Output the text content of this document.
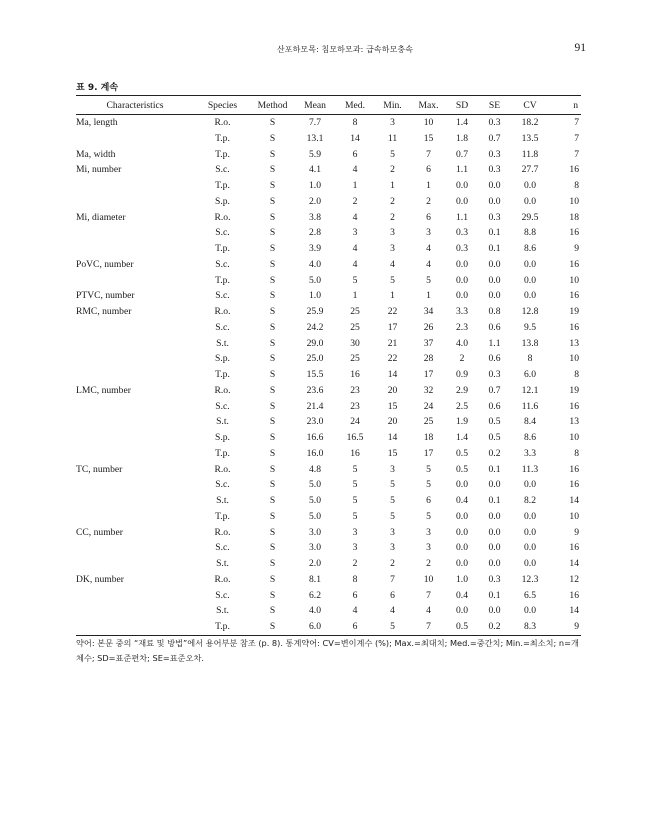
산포하모목: 침모하모과: 급속하모충속	91
표 9. 계속
Characteristics	Species	Method	Mean	Med.	Min.	Max.	SD	SE	CV	n
Ma, length	R.o.	S	7.7	8	3	10	1.4	0.3	18.2	7
	T.p.	S	13.1	14	11	15	1.8	0.7	13.5	7
Ma, width	T.p.	S	5.9	6	5	7	0.7	0.3	11.8	7
Mi, number	S.c.	S	4.1	4	2	6	1.1	0.3	27.7	16
	T.p.	S	1.0	1	1	1	0.0	0.0	0.0	8
	S.p.	S	2.0	2	2	2	0.0	0.0	0.0	10
Mi, diameter	R.o.	S	3.8	4	2	6	1.1	0.3	29.5	18
	S.c.	S	2.8	3	3	3	0.3	0.1	8.8	16
	T.p.	S	3.9	4	3	4	0.3	0.1	8.6	9
PoVC, number	S.c.	S	4.0	4	4	4	0.0	0.0	0.0	16
	T.p.	S	5.0	5	5	5	0.0	0.0	0.0	10
PTVC, number	S.c.	S	1.0	1	1	1	0.0	0.0	0.0	16
RMC, number	R.o.	S	25.9	25	22	34	3.3	0.8	12.8	19
	S.c.	S	24.2	25	17	26	2.3	0.6	9.5	16
	S.t.	S	29.0	30	21	37	4.0	1.1	13.8	13
	S.p.	S	25.0	25	22	28	2	0.6	8	10
	T.p.	S	15.5	16	14	17	0.9	0.3	6.0	8
LMC, number	R.o.	S	23.6	23	20	32	2.9	0.7	12.1	19
	S.c.	S	21.4	23	15	24	2.5	0.6	11.6	16
	S.t.	S	23.0	24	20	25	1.9	0.5	8.4	13
	S.p.	S	16.6	16.5	14	18	1.4	0.5	8.6	10
	T.p.	S	16.0	16	15	17	0.5	0.2	3.3	8
TC, number	R.o.	S	4.8	5	3	5	0.5	0.1	11.3	16
	S.c.	S	5.0	5	5	5	0.0	0.0	0.0	16
	S.t.	S	5.0	5	5	6	0.4	0.1	8.2	14
	T.p.	S	5.0	5	5	5	0.0	0.0	0.0	10
CC, number	R.o.	S	3.0	3	3	3	0.0	0.0	0.0	9
	S.c.	S	3.0	3	3	3	0.0	0.0	0.0	16
	S.t.	S	2.0	2	2	2	0.0	0.0	0.0	14
DK, number	R.o.	S	8.1	8	7	10	1.0	0.3	12.3	12
	S.c.	S	6.2	6	6	7	0.4	0.1	6.5	16
	S.t.	S	4.0	4	4	4	0.0	0.0	0.0	14
	T.p.	S	6.0	6	5	7	0.5	0.2	8.3	9
약어: 본문 중의 “재료 및 방법”에서 용어부분 참조 (p. 8). 통계약어: CV=변이계수 (%); Max.=최대치; Med.=중간치; Min.=최소치; n=개체수; SD=표준편차; SE=표준오차.
